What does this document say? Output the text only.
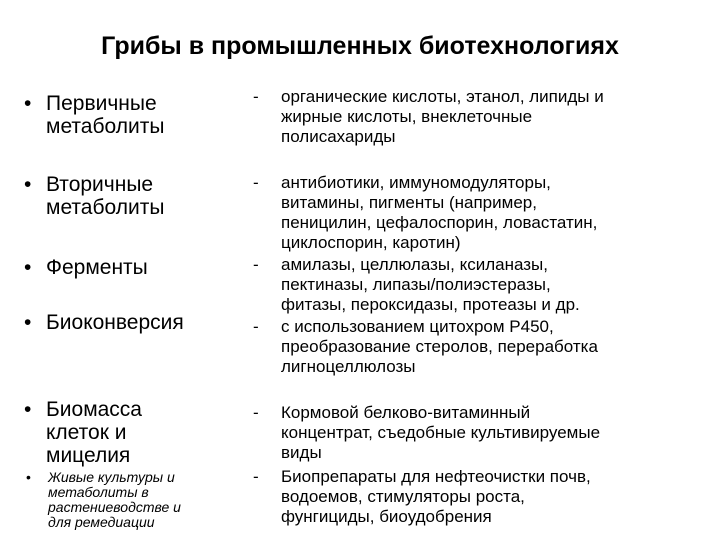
Грибы в промышленных биотехнологиях
• Первичные
метаболиты
• Вторичные
метаболиты
• Ферменты
• Биоконверсия
• Биомасса
клеток и
мицелия
• Живые культуры и
метаболиты в
растениеводстве и
для ремедиации
- органические кислоты, этанол, липиды и
жирные кислоты, внеклеточные
полисахариды
- антибиотики, иммуномодуляторы,
витамины, пигменты (например,
пеницилин, цефалоспорин, ловастатин,
циклоспорин, каротин)
- амилазы, целлюлазы, ксиланазы,
пектиназы, липазы/полиэстеразы,
фитазы, пероксидазы, протеазы и др.
- с использованием цитохром Р450,
преобразование стеролов, переработка
лигноцеллюлозы
- Кормовой белково-витаминный
концентрат, съедобные культивируемые
виды
- Биопрепараты для нефтеочистки почв,
водоемов, стимуляторы роста,
фунгициды, биоудобрения
